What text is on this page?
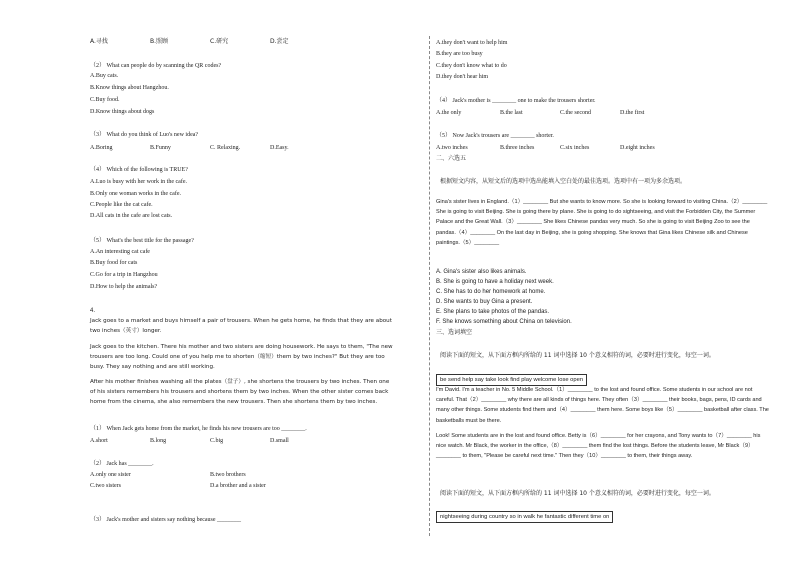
A.寻找	B.照顾	C.研究	D.尝定
（2） What can people do by scanning the QR codes?
A.Buy cats.
B.Know things about Hangzhou.
C.Buy food.
D.Know things about dogs
（3） What do you think of Luo's new idea?
A.Boring	B.Funny	C. Relaxing.	D.Easy.
（4） Which of the following is TRUE?
A.Luo is busy with her work in the cafe.
B.Only one woman works in the cafe.
C.People like the cat cafe.
D.All cats in the cafe are lost cats.
（5） What's the best title for the passage?
A.An interesting cat cafe
B.Buy food for cats
C.Go for a trip in Hangzhou
D.How to help the animals?
4.
Jack goes to a market and buys himself a pair of trousers. When he gets home, he finds that they are about two inches（英寸）longer.
Jack goes to the kitchen. There his mother and two sisters are doing housework. He says to them, "The new trousers are too long. Could one of you help me to shorten（缩短）them by two inches?" But they are too busy. They say nothing and are still working.
After his mother finishes washing all the plates（盘子）, she shortens the trousers by two inches. Then one of his sisters remembers his trousers and shortens them by two inches. When the other sister comes back home from the cinema, she also remembers the new trousers. Then she shortens them by two inches.
（1） When Jack gets home from the market, he finds his new trousers are too ________.
A.short	B.long	C.big	D.small
（2） Jack has ________.
A.only one sister	B.two brothers
C.two sisters	D.a brother and a sister
（3） Jack's mother and sisters say nothing because ________
A.they don't want to help him
B.they are too busy
C.they don't know what to do
D.they don't hear him
（4） Jack's mother is ________ one to make the trousers shorter.
A.the only	B.the last	C.the second	D.the first
（5） Now Jack's trousers are ________ shorter.
A.two inches	B.three inches	C.six inches	D.eight inches
二、六选五
根据短文内容，从短文后的选项中选出能填入空白处的最佳选项。选项中有一项为多余选项。
Gina's sister lives in England.（1）________ But she wants to know more. So she is looking forward to visiting China.（2）________ She is going to visit Beijing. She is going there by plane. She is going to do sightseeing, and visit the Forbidden City, the Summer Palace and the Great Wall.（3）________ She likes Chinese pandas very much. So she is going to visit Beijing Zoo to see the pandas.（4）________ On the last day in Beijing, she is going shopping. She knows that Gina likes Chinese silk and Chinese paintings.（5）________
A. Gina's sister also likes animals.
B. She is going to have a holiday next week.
C. She has to do her homework at home.
D. She wants to buy Gina a present.
E. She plans to take photos of the pandas.
F. She knows something about China on television.
三、选词填空
阅读下面的短文，从下面方框内所给的 11 词中选择 10 个意义相符的词，必要时进行变化，每空一词。
be send help say take look find play welcome lose open
I'm David. I'm a teacher in No. 5 Middle School.（1）________ to the lost and found office. Some students in our school are not careful. That（2）________ why there are all kinds of things here. They often（3）________ their books, bags, pens, ID cards and many other things. Some students find them and（4）________ them here. Some boys like（5）________ basketball after class. The basketballs must be there.
Look! Some students are in the lost and found office. Betty is（6）________ for her crayons, and Tony wants to（7）________ his nice watch. Mr Black, the worker in the office,（8）________ them find the lost things. Before the students leave, Mr Black（9）________ to them, "Please be careful next time." Then they（10）________ to them, their things away.
阅读下面的短文，从下面方框内所给的 11 词中选择 10 个意义相符的词，必要时进行变化，每空一词。
nightseeing during country so in walk he fantastic different time on
